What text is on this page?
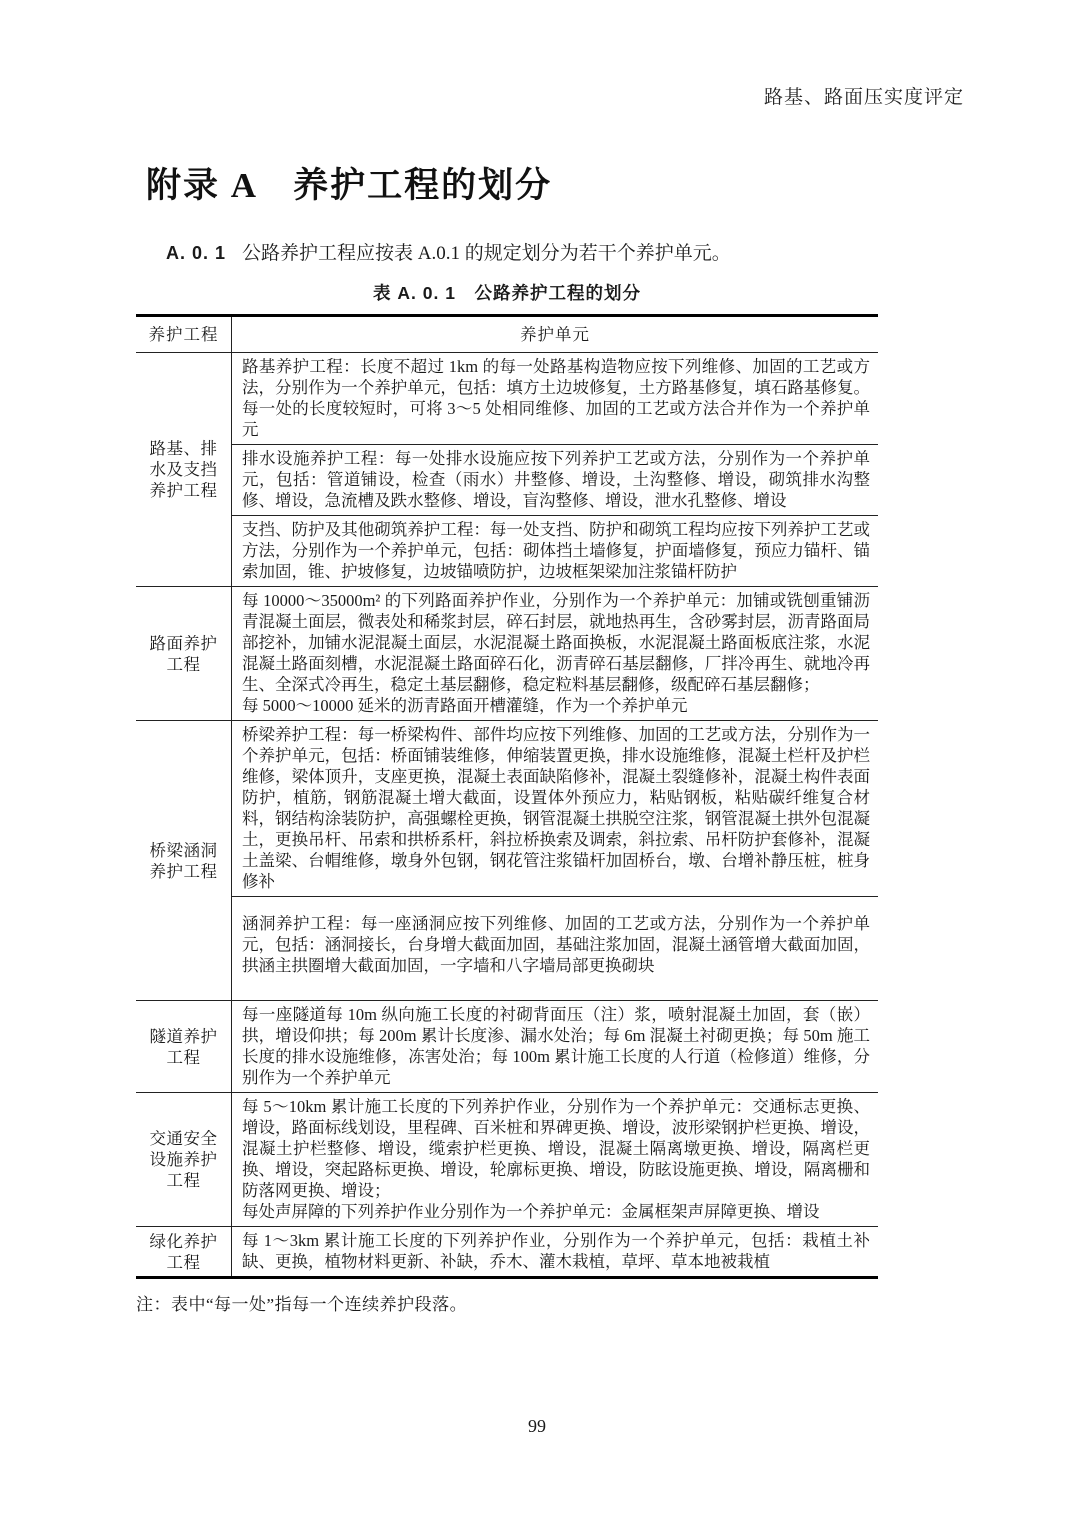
路基、路面压实度评定
附录 A　养护工程的划分

A. 0. 1 公路养护工程应按表 A.0.1 的规定划分为若干个养护单元。

表 A. 0. 1　公路养护工程的划分
养护工程	养护单元
路基、排水及支挡养护工程	路基养护工程：长度不超过 1km 的每一处路基构造物应按下列维修、加固的工艺或方法，分别作为一个养护单元，包括：填方土边坡修复，土方路基修复，填石路基修复。每一处的长度较短时，可将 3～5 处相同维修、加固的工艺或方法合并作为一个养护单元

	排水设施养护工程：每一处排水设施应按下列养护工艺或方法，分别作为一个养护单元，包括：管道铺设，检查（雨水）井整修、增设，土沟整修、增设，砌筑排水沟整修、增设，急流槽及跌水整修、增设，盲沟整修、增设，泄水孔整修、增设

	支挡、防护及其他砌筑养护工程：每一处支挡、防护和砌筑工程均应按下列养护工艺或方法，分别作为一个养护单元，包括：砌体挡土墙修复，护面墙修复，预应力锚杆、锚索加固，锥、护坡修复，边坡锚喷防护，边坡框架梁加注浆锚杆防护

路面养护工程	每 10000～35000m² 的下列路面养护作业，分别作为一个养护单元：加铺或铣刨重铺沥青混凝土面层，微表处和稀浆封层，碎石封层，就地热再生，含砂雾封层，沥青路面局部挖补，加铺水泥混凝土面层，水泥混凝土路面换板，水泥混凝土路面板底注浆，水泥混凝土路面刻槽，水泥混凝土路面碎石化，沥青碎石基层翻修，厂拌冷再生、就地冷再生、全深式冷再生，稳定土基层翻修，稳定粒料基层翻修，级配碎石基层翻修；
每 5000～10000 延米的沥青路面开槽灌缝，作为一个养护单元

桥梁涵洞养护工程	桥梁养护工程：每一桥梁构件、部件均应按下列维修、加固的工艺或方法，分别作为一个养护单元，包括：桥面铺装维修，伸缩装置更换，排水设施维修，混凝土栏杆及护栏维修，梁体顶升，支座更换，混凝土表面缺陷修补，混凝土裂缝修补，混凝土构件表面防护，植筋，钢筋混凝土增大截面，设置体外预应力，粘贴钢板，粘贴碳纤维复合材料，钢结构涂装防护，高强螺栓更换，钢管混凝土拱脱空注浆，钢管混凝土拱外包混凝土，更换吊杆、吊索和拱桥系杆，斜拉桥换索及调索，斜拉索、吊杆防护套修补，混凝土盖梁、台帽维修，墩身外包钢，钢花管注浆锚杆加固桥台，墩、台增补静压桩，桩身修补

	涵洞养护工程：每一座涵洞应按下列维修、加固的工艺或方法，分别作为一个养护单元，包括：涵洞接长，台身增大截面加固，基础注浆加固，混凝土涵管增大截面加固，拱涵主拱圈增大截面加固，一字墙和八字墙局部更换砌块

隧道养护工程	每一座隧道每 10m 纵向施工长度的衬砌背面压（注）浆，喷射混凝土加固，套（嵌）拱，增设仰拱；每 200m 累计长度渗、漏水处治；每 6m 混凝土衬砌更换；每 50m 施工长度的排水设施维修，冻害处治；每 100m 累计施工长度的人行道（检修道）维修，分别作为一个养护单元

交通安全设施养护工程	每 5～10km 累计施工长度的下列养护作业，分别作为一个养护单元：交通标志更换、增设，路面标线划设，里程碑、百米桩和界碑更换、增设，波形梁钢护栏更换、增设，混凝土护栏整修、增设，缆索护栏更换、增设，混凝土隔离墩更换、增设，隔离栏更换、增设，突起路标更换、增设，轮廓标更换、增设，防眩设施更换、增设，隔离栅和防落网更换、增设；
每处声屏障的下列养护作业分别作为一个养护单元：金属框架声屏障更换、增设

绿化养护工程	每 1～3km 累计施工长度的下列养护作业，分别作为一个养护单元，包括：栽植土补缺、更换，植物材料更新、补缺，乔木、灌木栽植，草坪、草本地被栽植
注：表中“每一处”指每一个连续养护段落。
99
